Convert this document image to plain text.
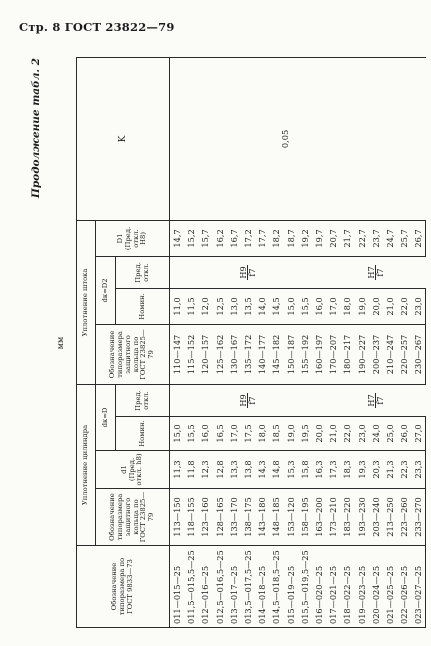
Стр. 8 ГОСТ 23822—79
Продолжение табл. 2
мм
Обозначение типоразмера по ГОСТ 9833—73	Уплотнение цилиндра				Уплотнение штока				K
	Обозначение типоразмера защитного кольца по ГОСТ 23825—79	d1 (Пред. откл. h8)	dк=D		Обозначение типоразмера защитного кольца по ГОСТ 23825—79	dк=D2		D1 (Пред. откл. H8)	
			Номин.	Пред. откл.		Номин.	Пред. откл.		
011—015—25	113—150	11,3	15,0	H9 f7	110—147	11,0	H9 f7	14,7	0,05
011,5—015,5—25	118—155	11,8	15,5		115—152	11,5		15,2	
012—016—25	123—160	12,3	16,0		120—157	12,0		15,7	
012,5—016,5—25	128—165	12,8	16,5		125—162	12,5		16,2	
013—017—25	133—170	13,3	17,0		130—167	13,0		16,7	
013,5—017,5—25	138—175	13,8	17,5		135—172	13,5		17,2	
014—018—25	143—180	14,3	18,0		140—177	14,0		17,7	
014,5—018,5—25	148—185	14,8	18,5		145—182	14,5		18,2	
015—019—25	153—120	15,3	19,0		150—187	15,0		18,7	
015,5—019,5—25	158—195	15,8	19,5		155—192	15,5		19,2	
016—020—25	163—200	16,3	20,0		160—197	16,0		19,7	
017—021—25	173—210	17,3	21,0	H7 f7	170—207	17,0	H7 f7	20,7	
018—022—25	183—220	18,3	22,0		180—217	18,0		21,7	
019—023—25	193—230	19,3	23,0		190—227	19,0		22,7	
020—024—25	203—240	20,3	24,0		200—237	20,0		23,7	
021—025—25	213—250	21,3	25,0		210—247	21,0		24,7	
022—026—25	223—260	22,3	26,0		220—257	22,0		25,7	
023—027—25	233—270	23,3	27,0		230—267	23,0		26,7	
